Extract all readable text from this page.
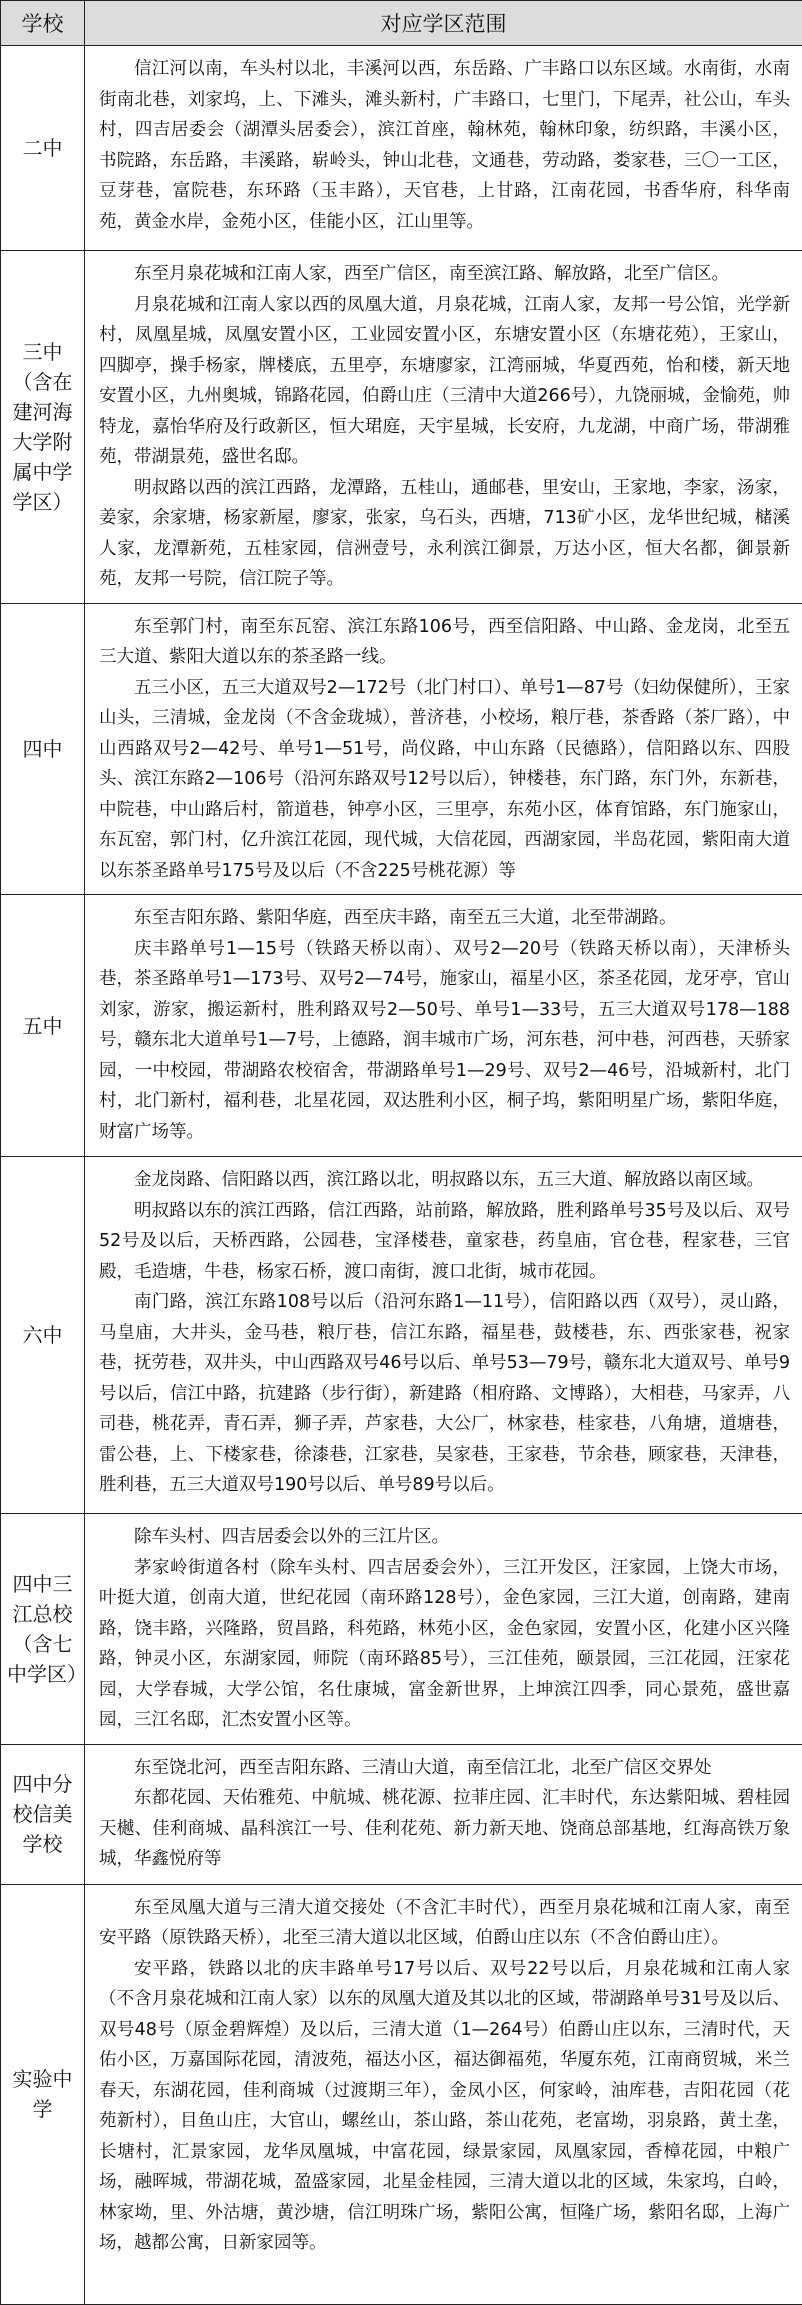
学校	对应学区范围
二中	信江河以南，车头村以北，丰溪河以西，东岳路、广丰路口以东区域。水南街，水南街南北巷，刘家坞，上、下滩头，滩头新村，广丰路口，七里门，下尾弄，社公山，车头村，四吉居委会（湖潭头居委会），滨江首座，翰林苑，翰林印象，纺织路，丰溪小区，书院路，东岳路，丰溪路，崭岭头，钟山北巷，文通巷，劳动路，娄家巷，三〇一工区，豆芽巷，富院巷，东环路（玉丰路），天官巷，上甘路，江南花园，书香华府，科华南苑，黄金水岸，金苑小区，佳能小区，江山里等。

三中（含在建河海大学附属中学学区）	东至月泉花城和江南人家，西至广信区，南至滨江路、解放路，北至广信区。

月泉花城和江南人家以西的凤凰大道，月泉花城，江南人家，友邦一号公馆，光学新村，凤凰星城，凤凰安置小区，工业园安置小区，东塘安置小区（东塘花苑），王家山，四脚亭，操手杨家，牌楼底，五里亭，东塘廖家，江湾丽城，华夏西苑，怡和楼，新天地安置小区，九州奥城，锦路花园，伯爵山庄（三清中大道266号），九饶丽城，金愉苑，帅特龙，嘉怡华府及行政新区，恒大珺庭，天宇星城，长安府，九龙湖，中商广场，带湖雅苑，带湖景苑，盛世名邸。

明叔路以西的滨江西路，龙潭路，五桂山，通邮巷，里安山，王家地，李家，汤家，姜家，余家塘，杨家新屋，廖家，张家，乌石头，西塘，713矿小区，龙华世纪城，槠溪人家，龙潭新苑，五桂家园，信洲壹号，永利滨江御景，万达小区，恒大名都，御景新苑，友邦一号院，信江院子等。

四中	东至郭门村，南至东瓦窑、滨江东路106号，西至信阳路、中山路、金龙岗，北至五三大道、紫阳大道以东的茶圣路一线。

五三小区，五三大道双号2—172号（北门村口）、单号1—87号（妇幼保健所），王家山头，三清城，金龙岗（不含金珑城），普济巷，小校场，粮厅巷，茶香路（茶厂路），中山西路双号2—42号、单号1—51号，尚仪路，中山东路（民德路），信阳路以东、四股头、滨江东路2—106号（沿河东路双号12号以后），钟楼巷，东门路，东门外，东新巷，中院巷，中山路后村，箭道巷，钟亭小区，三里亭，东苑小区，体育馆路，东门施家山，东瓦窑，郭门村，亿升滨江花园，现代城，大信花园，西湖家园，半岛花园，紫阳南大道以东茶圣路单号175号及以后（不含225号桃花源）等

五中	东至吉阳东路、紫阳华庭，西至庆丰路，南至五三大道，北至带湖路。

庆丰路单号1—15号（铁路天桥以南）、双号2—20号（铁路天桥以南），天津桥头巷，茶圣路单号1—173号、双号2—74号，施家山，福星小区，茶圣花园，龙牙亭，官山刘家，游家，搬运新村，胜利路双号2—50号、单号1—33号，五三大道双号178—188号，赣东北大道单号1—7号，上德路，润丰城市广场，河东巷，河中巷，河西巷，天骄家园，一中校园，带湖路农校宿舍，带湖路单号1—29号、双号2—46号，沿城新村，北门村，北门新村，福利巷，北星花园，双达胜利小区，桐子坞，紫阳明星广场，紫阳华庭，财富广场等。

六中	金龙岗路、信阳路以西，滨江路以北，明叔路以东，五三大道、解放路以南区域。

明叔路以东的滨江西路，信江西路，站前路，解放路，胜利路单号35号及以后、双号52号及以后，天桥西路，公园巷，宝泽楼巷，童家巷，药皇庙，官仓巷，程家巷，三官殿，毛造塘，牛巷，杨家石桥，渡口南街，渡口北街，城市花园。

南门路，滨江东路108号以后（沿河东路1—11号），信阳路以西（双号），灵山路，马皇庙，大井头，金马巷，粮厅巷，信江东路，福星巷，鼓楼巷，东、西张家巷，祝家巷，抚劳巷，双井头，中山西路双号46号以后、单号53—79号，赣东北大道双号、单号9号以后，信江中路，抗建路（步行街），新建路（相府路、文博路），大相巷，马家弄，八司巷，桃花弄，青石弄，狮子弄，芦家巷，大公厂，林家巷，桂家巷，八角塘，道塘巷，雷公巷，上、下楼家巷，徐漆巷，江家巷，吴家巷，王家巷，节余巷，顾家巷，天津巷，胜利巷，五三大道双号190号以后、单号89号以后。

四中三江总校（含七中学区）	除车头村、四吉居委会以外的三江片区。

茅家岭街道各村（除车头村、四吉居委会外），三江开发区，汪家园，上饶大市场，叶挺大道，创南大道，世纪花园（南环路128号），金色家园，三江大道，创南路，建南路，饶丰路，兴隆路，贸昌路，科苑路，林苑小区，金色家园，安置小区，化建小区兴隆路，钟灵小区，东湖家园，师院（南环路85号），三江佳苑，颐景园，三江花园，汪家花园，大学春城，大学公馆，名仕康城，富金新世界，上坤滨江四季，同心景苑，盛世嘉园，三江名邸，汇杰安置小区等。

四中分校信美学校	东至饶北河，西至吉阳东路、三清山大道，南至信江北，北至广信区交界处

东都花园、天佑雅苑、中航城、桃花源、拉菲庄园、汇丰时代，东达紫阳城、碧桂园天樾、佳利商城、晶科滨江一号、佳利花苑、新力新天地、饶商总部基地，红海高铁万象城，华鑫悦府等

实验中学	东至凤凰大道与三清大道交接处（不含汇丰时代），西至月泉花城和江南人家，南至安平路（原铁路天桥），北至三清大道以北区域，伯爵山庄以东（不含伯爵山庄）。

安平路，铁路以北的庆丰路单号17号以后、双号22号以后，月泉花城和江南人家（不含月泉花城和江南人家）以东的凤凰大道及其以北的区域，带湖路单号31号及以后、双号48号（原金碧辉煌）及以后，三清大道（1—264号）伯爵山庄以东，三清时代，天佑小区，万嘉国际花园，清波苑，福达小区，福达御福苑，华厦东苑，江南商贸城，米兰春天，东湖花园，佳利商城（过渡期三年），金凤小区，何家岭，油库巷，吉阳花园（花苑新村），目鱼山庄，大官山，螺丝山，茶山路，茶山花苑，老富坳，羽泉路，黄土垄，长塘村，汇景家园，龙华凤凰城，中富花园，绿景家园，凤凰家园，香樟花园，中粮广场，融晖城，带湖花城，盈盛家园，北星金桂园，三清大道以北的区域，朱家坞，白岭，林家坳，里、外沽塘，黄沙塘，信江明珠广场，紫阳公寓，恒隆广场，紫阳名邸，上海广场，越都公寓，日新家园等。
